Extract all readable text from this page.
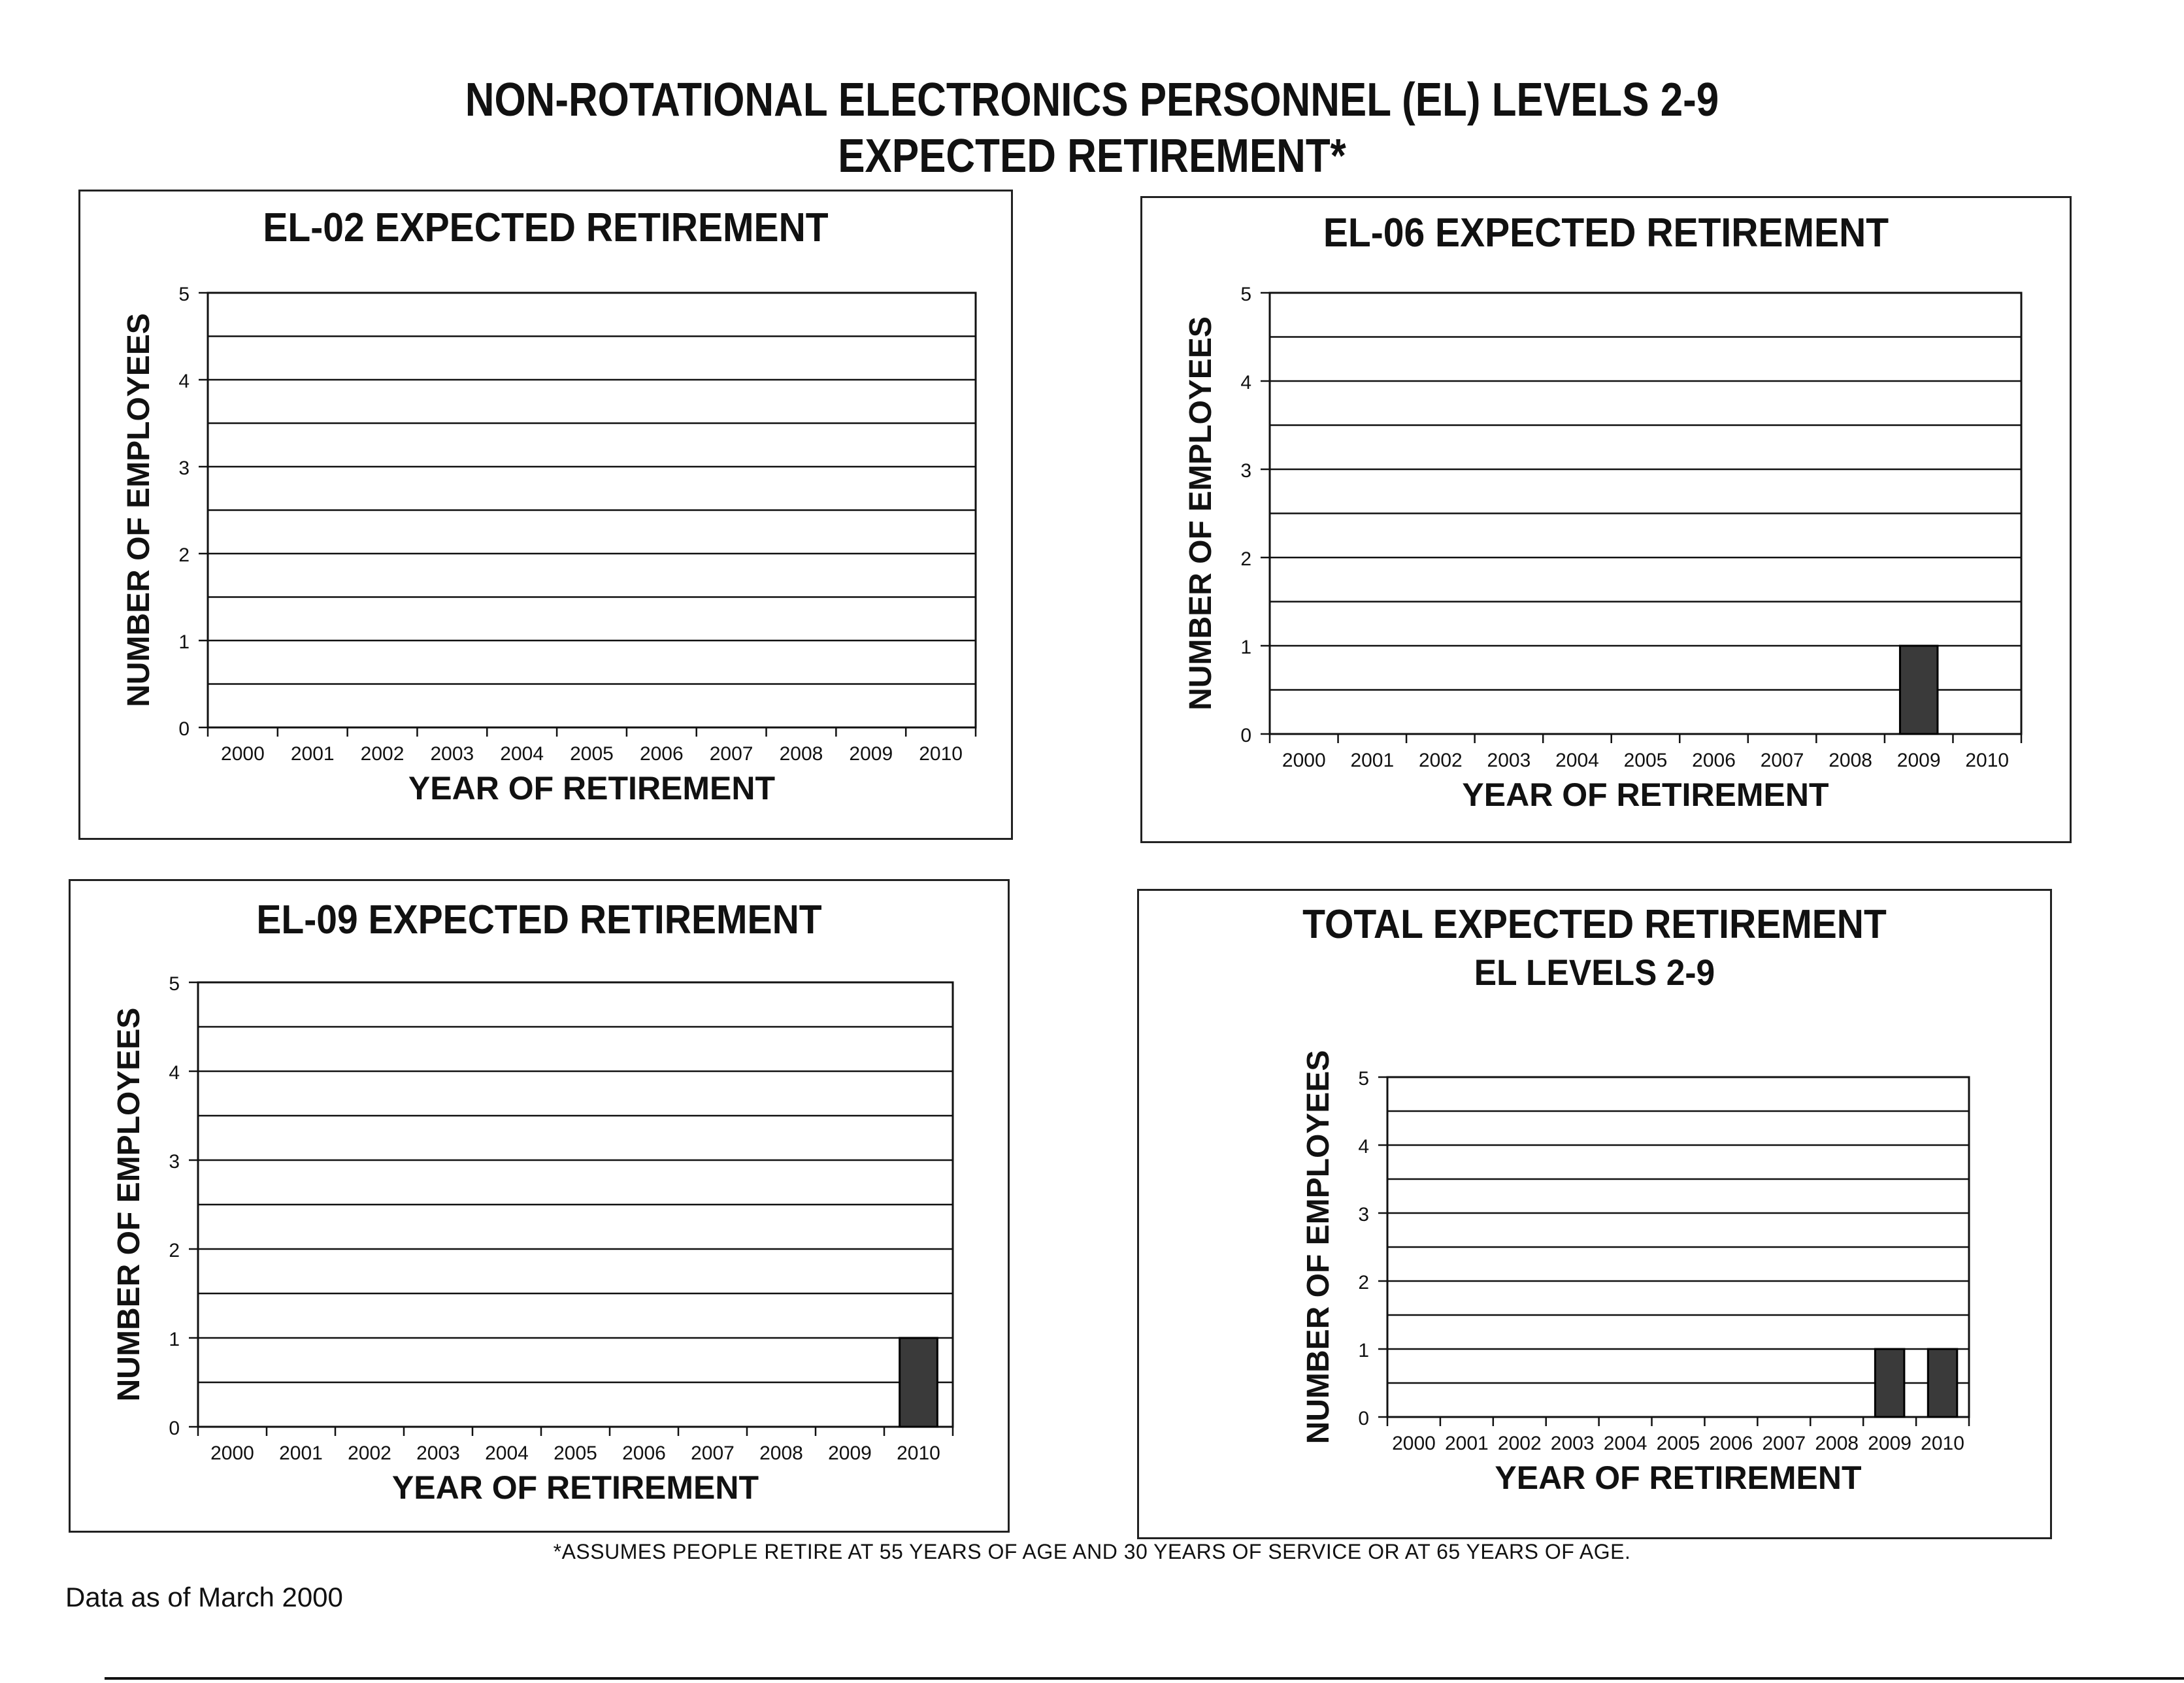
NON-ROTATIONAL ELECTRONICS PERSONNEL (EL) LEVELS 2-9
EXPECTED RETIREMENT*
EL-02 EXPECTED RETIREMENT
0
1
2
3
4
5
2000 2001 2002 2003 2004 2005 2006 2007 2008 2009 2010
YEAR OF RETIREMENT
NUMBER OF EMPLOYEES
EL-06 EXPECTED RETIREMENT
0
1
2
3
4
5
2000 2001 2002 2003 2004 2005 2006 2007 2008 2009 2010
YEAR OF RETIREMENT
NUMBER OF EMPLOYEES
EL-09 EXPECTED RETIREMENT
0
1
2
3
4
5
2000 2001 2002 2003 2004 2005 2006 2007 2008 2009 2010
YEAR OF RETIREMENT
NUMBER OF EMPLOYEES
TOTAL EXPECTED RETIREMENT
EL LEVELS 2-9
0
1
2
3
4
5
2000 2001 2002 2003 2004 2005 2006 2007 2008 2009 2010
YEAR OF RETIREMENT
NUMBER OF EMPLOYEES
*ASSUMES PEOPLE RETIRE AT 55 YEARS OF AGE AND 30 YEARS OF SERVICE OR AT 65 YEARS OF AGE.
Data as of March 2000
